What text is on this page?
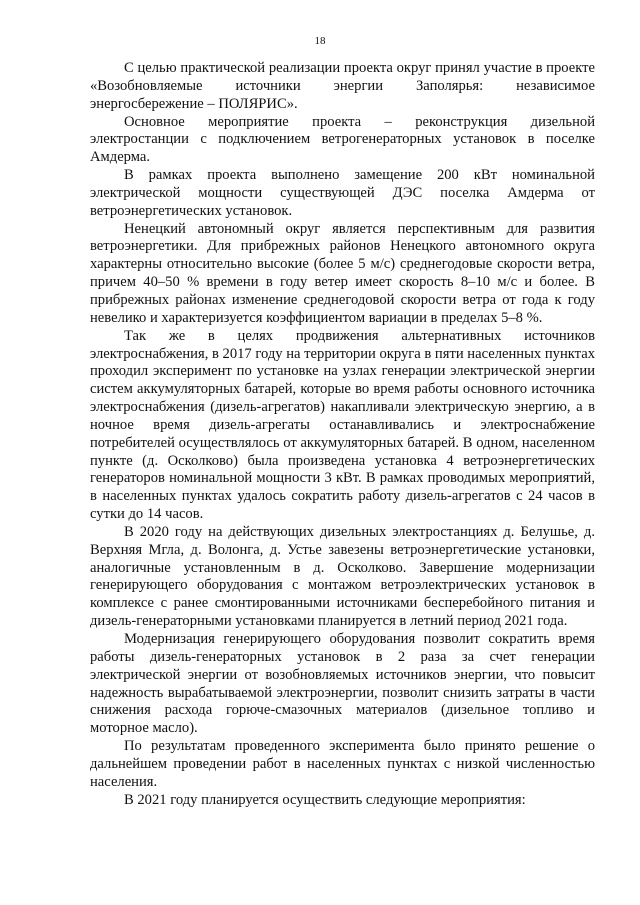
18

С целью практической реализации проекта округ принял участие в проекте «Возобновляемые источники энергии Заполярья: независимое энергосбережение – ПОЛЯРИС».

Основное мероприятие проекта – реконструкция дизельной электростанции с подключением ветрогенераторных установок в поселке Амдерма.

В рамках проекта выполнено замещение 200 кВт номинальной электрической мощности существующей ДЭС поселка Амдерма от ветроэнергетических установок.

Ненецкий автономный округ является перспективным для развития ветроэнергетики. Для прибрежных районов Ненецкого автономного округа характерны относительно высокие (более 5 м/с) среднегодовые скорости ветра, причем 40–50 % времени в году ветер имеет скорость 8–10 м/с и более. В прибрежных районах изменение среднегодовой скорости ветра от года к году невелико и характеризуется коэффициентом вариации в пределах 5–8 %.

Так же в целях продвижения альтернативных источников электроснабжения, в 2017 году на территории округа в пяти населенных пунктах проходил эксперимент по установке на узлах генерации электрической энергии систем аккумуляторных батарей, которые во время работы основного источника электроснабжения (дизель-агрегатов) накапливали электрическую энергию, а в ночное время дизель-агрегаты останавливались и электроснабжение потребителей осуществлялось от аккумуляторных батарей. В одном, населенном пункте (д. Осколково) была произведена установка 4 ветроэнергетических генераторов номинальной мощности 3 кВт. В рамках проводимых мероприятий, в населенных пунктах удалось сократить работу дизель-агрегатов с 24 часов в сутки до 14 часов.

В 2020 году на действующих дизельных электростанциях д. Белушье, д. Верхняя Мгла, д. Волонга, д. Устье завезены ветроэнергетические установки, аналогичные установленным в д. Осколково. Завершение модернизации генерирующего оборудования с монтажом ветроэлектрических установок в комплексе с ранее смонтированными источниками бесперебойного питания и дизель-генераторными установками планируется в летний период 2021 года.

Модернизация генерирующего оборудования позволит сократить время работы дизель-генераторных установок в 2 раза за счет генерации электрической энергии от возобновляемых источников энергии, что повысит надежность вырабатываемой электроэнергии, позволит снизить затраты в части снижения расхода горюче-смазочных материалов (дизельное топливо и моторное масло).

По результатам проведенного эксперимента было принято решение о дальнейшем проведении работ в населенных пунктах с низкой численностью населения.

В 2021 году планируется осуществить следующие мероприятия:
